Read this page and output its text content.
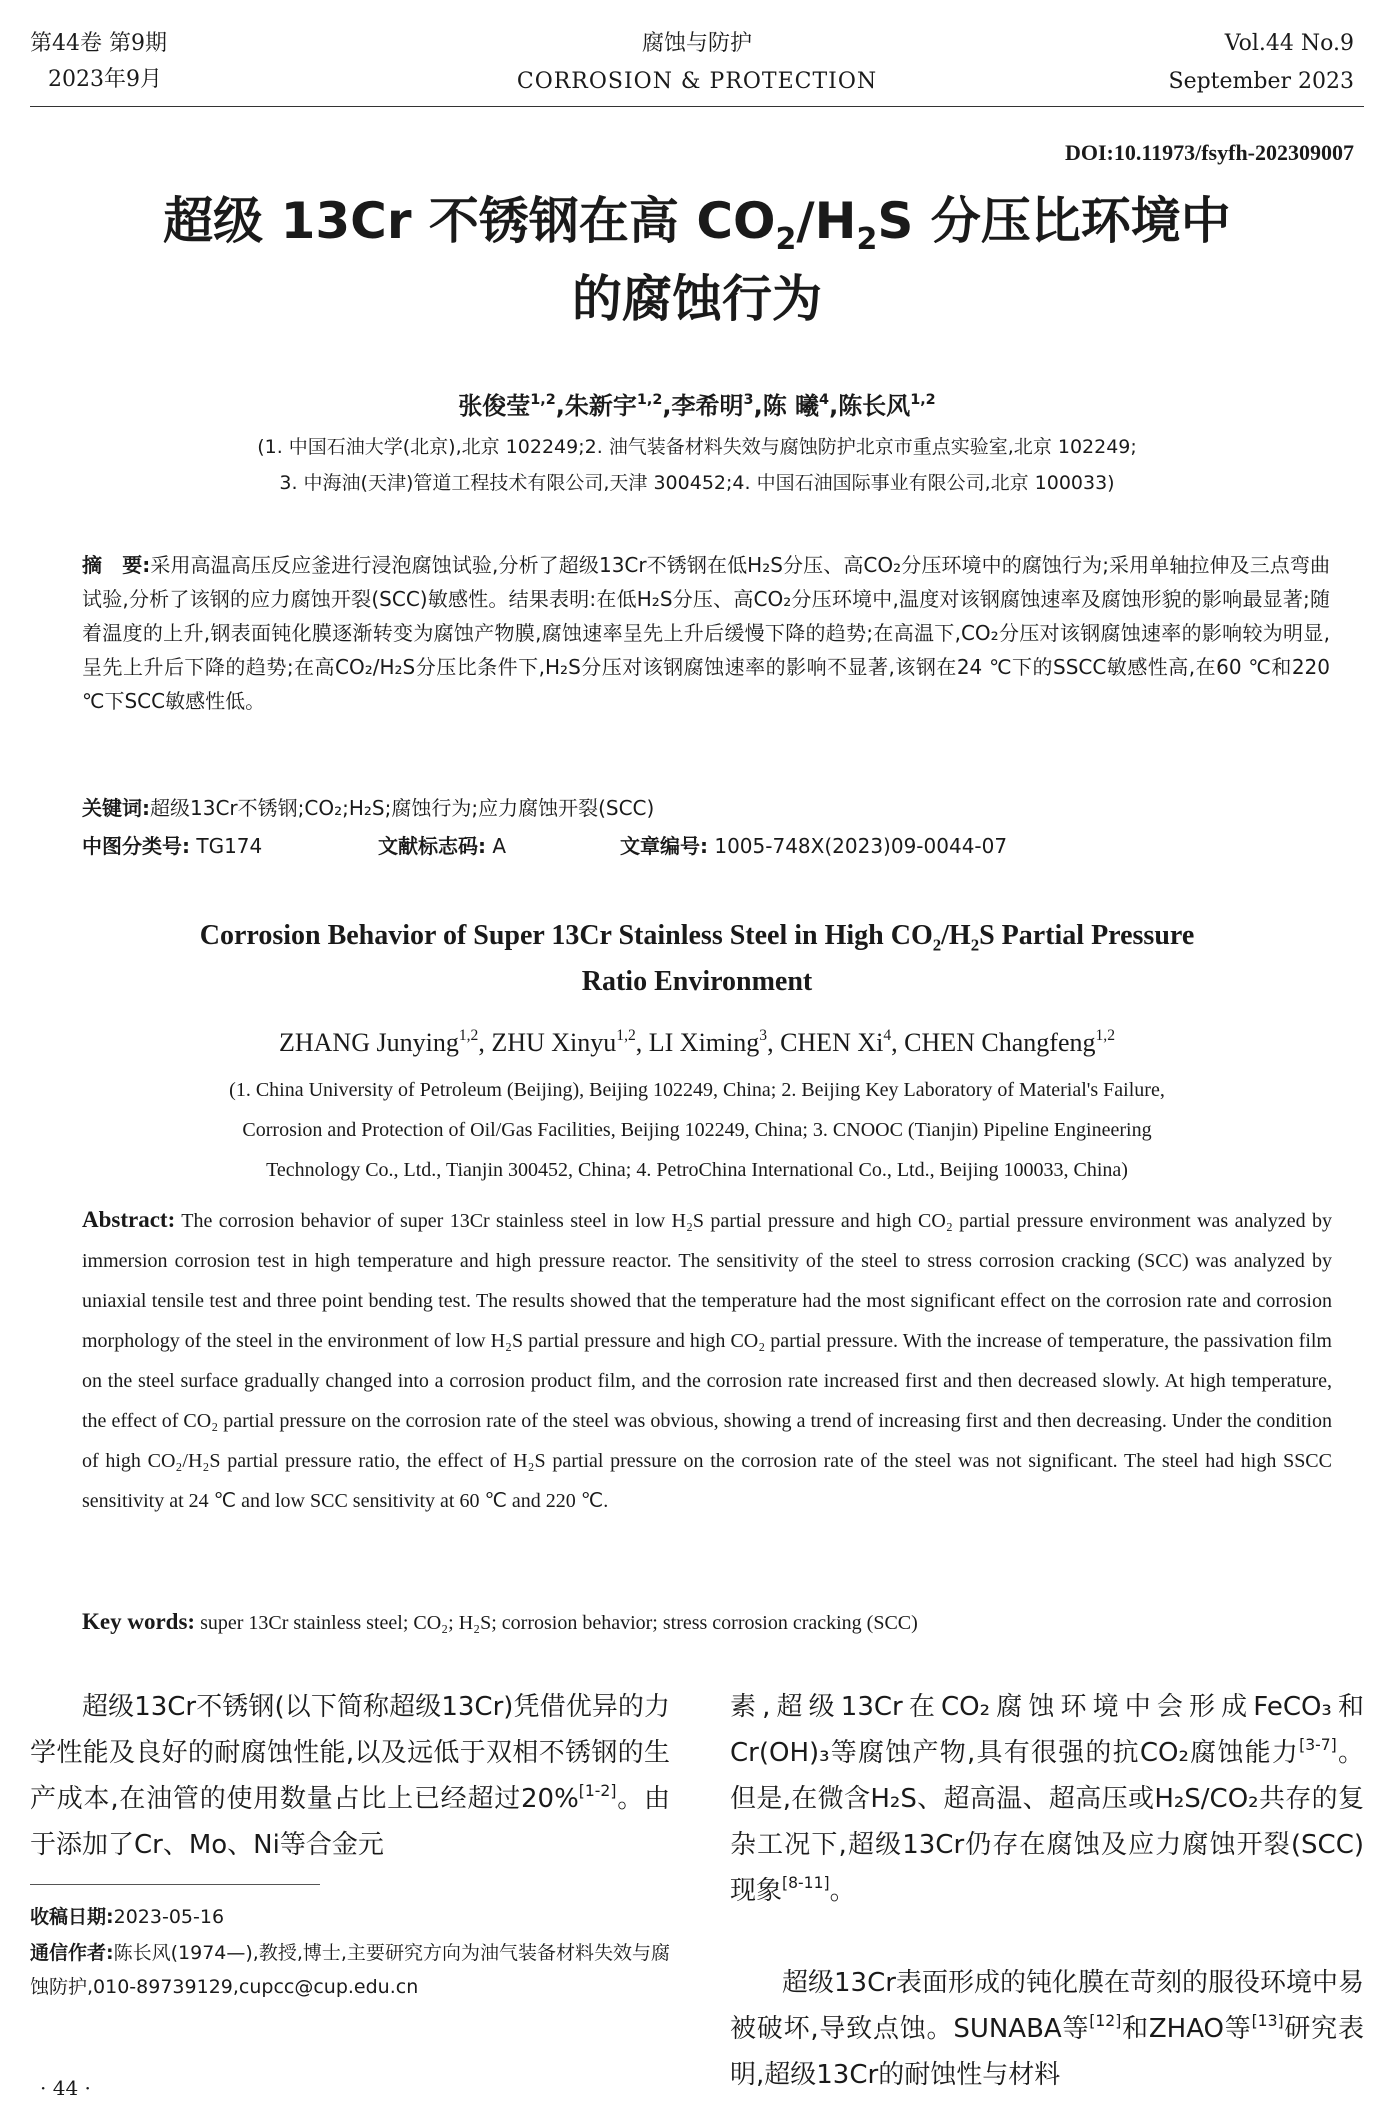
第44卷 第9期
2023年9月
腐蚀与防护
CORROSION & PROTECTION
Vol.44 No.9
September 2023
DOI:10.11973/fsyfh-202309007
超级 13Cr 不锈钢在高 $CO_2/H_2S$ 分压比环境中
的腐蚀行为
张俊莹$^{1,2}$,朱新宇$^{1,2}$,李希明$^3$,陈 曦$^4$,陈长风$^{1,2}$
(1. 中国石油大学(北京),北京 102249;2. 油气装备材料失效与腐蚀防护北京市重点实验室,北京 102249;
3. 中海油(天津)管道工程技术有限公司,天津 300452;4. 中国石油国际事业有限公司,北京 100033)
摘　要:采用高温高压反应釜进行浸泡腐蚀试验,分析了超级13Cr不锈钢在低H₂S分压、高CO₂分压环境中的腐蚀行为;采用单轴拉伸及三点弯曲试验,分析了该钢的应力腐蚀开裂(SCC)敏感性。结果表明:在低H₂S分压、高CO₂分压环境中,温度对该钢腐蚀速率及腐蚀形貌的影响最显著;随着温度的上升,钢表面钝化膜逐渐转变为腐蚀产物膜,腐蚀速率呈先上升后缓慢下降的趋势;在高温下,CO₂分压对该钢腐蚀速率的影响较为明显,呈先上升后下降的趋势;在高CO₂/H₂S分压比条件下,H₂S分压对该钢腐蚀速率的影响不显著,该钢在24 ℃下的SSCC敏感性高,在60 ℃和220 ℃下SCC敏感性低。
关键词:超级13Cr不锈钢;CO₂;H₂S;腐蚀行为;应力腐蚀开裂(SCC)
中图分类号: TG174	文献标志码: A	文章编号: 1005-748X(2023)09-0044-07
Corrosion Behavior of Super 13Cr Stainless Steel in High $CO_2/H_2S$ Partial Pressure
Ratio Environment
ZHANG Junying$^{1,2}$, ZHU Xinyu$^{1,2}$, LI Ximing$^3$, CHEN Xi$^4$, CHEN Changfeng$^{1,2}$
(1. China University of Petroleum (Beijing), Beijing 102249, China; 2. Beijing Key Laboratory of Material's Failure,
Corrosion and Protection of Oil/Gas Facilities, Beijing 102249, China; 3. CNOOC (Tianjin) Pipeline Engineering
Technology Co., Ltd., Tianjin 300452, China; 4. PetroChina International Co., Ltd., Beijing 100033, China)
Abstract: The corrosion behavior of super 13Cr stainless steel in low H₂S partial pressure and high CO₂ partial pressure environment was analyzed by immersion corrosion test in high temperature and high pressure reactor. The sensitivity of the steel to stress corrosion cracking (SCC) was analyzed by uniaxial tensile test and three point bending test. The results showed that the temperature had the most significant effect on the corrosion rate and corrosion morphology of the steel in the environment of low H₂S partial pressure and high CO₂ partial pressure. With the increase of temperature, the passivation film on the steel surface gradually changed into a corrosion product film, and the corrosion rate increased first and then decreased slowly. At high temperature, the effect of CO₂ partial pressure on the corrosion rate of the steel was obvious, showing a trend of increasing first and then decreasing. Under the condition of high CO₂/H₂S partial pressure ratio, the effect of H₂S partial pressure on the corrosion rate of the steel was not significant. The steel had high SSCC sensitivity at 24 ℃ and low SCC sensitivity at 60 ℃ and 220 ℃.
Key words: super 13Cr stainless steel; CO₂; H₂S; corrosion behavior; stress corrosion cracking (SCC)
超级13Cr不锈钢(以下简称超级13Cr)凭借优异的力学性能及良好的耐腐蚀性能,以及远低于双相不锈钢的生产成本,在油管的使用数量占比上已经超过20%[1-2]。由于添加了Cr、Mo、Ni等合金元
收稿日期:2023-05-16
通信作者:陈长风(1974—),教授,博士,主要研究方向为油气装备材料失效与腐蚀防护,010-89739129,cupcc@cup.edu.cn
素,超级13Cr在CO₂腐蚀环境中会形成FeCO₃和Cr(OH)₃等腐蚀产物,具有很强的抗CO₂腐蚀能力[3-7]。但是,在微含H₂S、超高温、超高压或H₂S/CO₂共存的复杂工况下,超级13Cr仍存在腐蚀及应力腐蚀开裂(SCC)现象[8-11]。
超级13Cr表面形成的钝化膜在苛刻的服役环境中易被破坏,导致点蚀。SUNABA等[12]和ZHAO等[13]研究表明,超级13Cr的耐蚀性与材料
· 44 ·
